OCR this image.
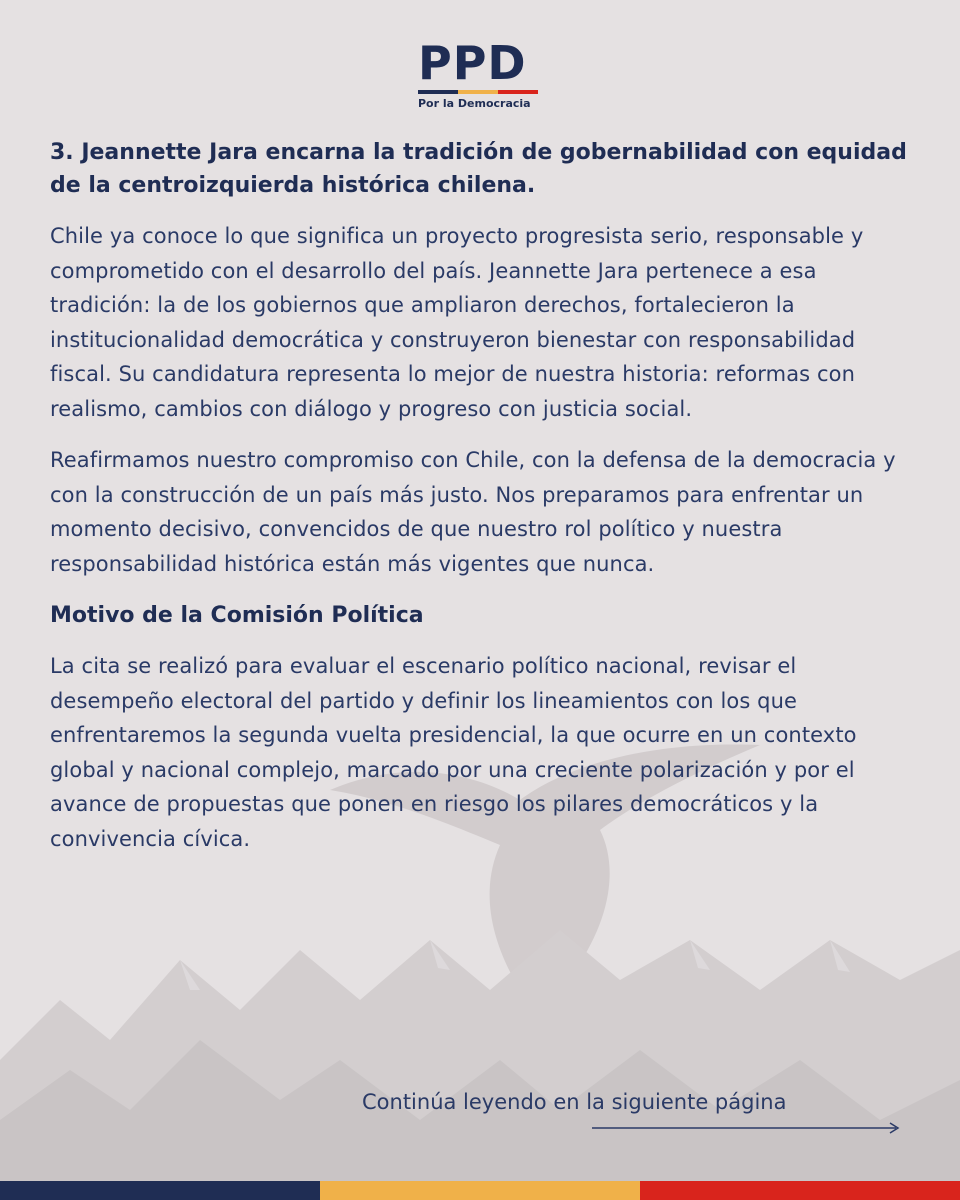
PPD
Por la Democracia

3. Jeannette Jara encarna la tradición de gobernabilidad con equidad de la centroizquierda histórica chilena.

Chile ya conoce lo que significa un proyecto progresista serio, responsable y comprometido con el desarrollo del país. Jeannette Jara pertenece a esa tradición: la de los gobiernos que ampliaron derechos, fortalecieron la institucionalidad democrática y construyeron bienestar con responsabilidad fiscal. Su candidatura representa lo mejor de nuestra historia: reformas con realismo, cambios con diálogo y progreso con justicia social.

Reafirmamos nuestro compromiso con Chile, con la defensa de la democracia y con la construcción de un país más justo. Nos preparamos para enfrentar un momento decisivo, convencidos de que nuestro rol político y nuestra responsabilidad histórica están más vigentes que nunca.

Motivo de la Comisión Política

La cita se realizó para evaluar el escenario político nacional, revisar el desempeño electoral del partido y definir los lineamientos con los que enfrentaremos la segunda vuelta presidencial, la que ocurre en un contexto global y nacional complejo, marcado por una creciente polarización y por el avance de propuestas que ponen en riesgo los pilares democráticos y la convivencia cívica.

Continúa leyendo en la siguiente página
